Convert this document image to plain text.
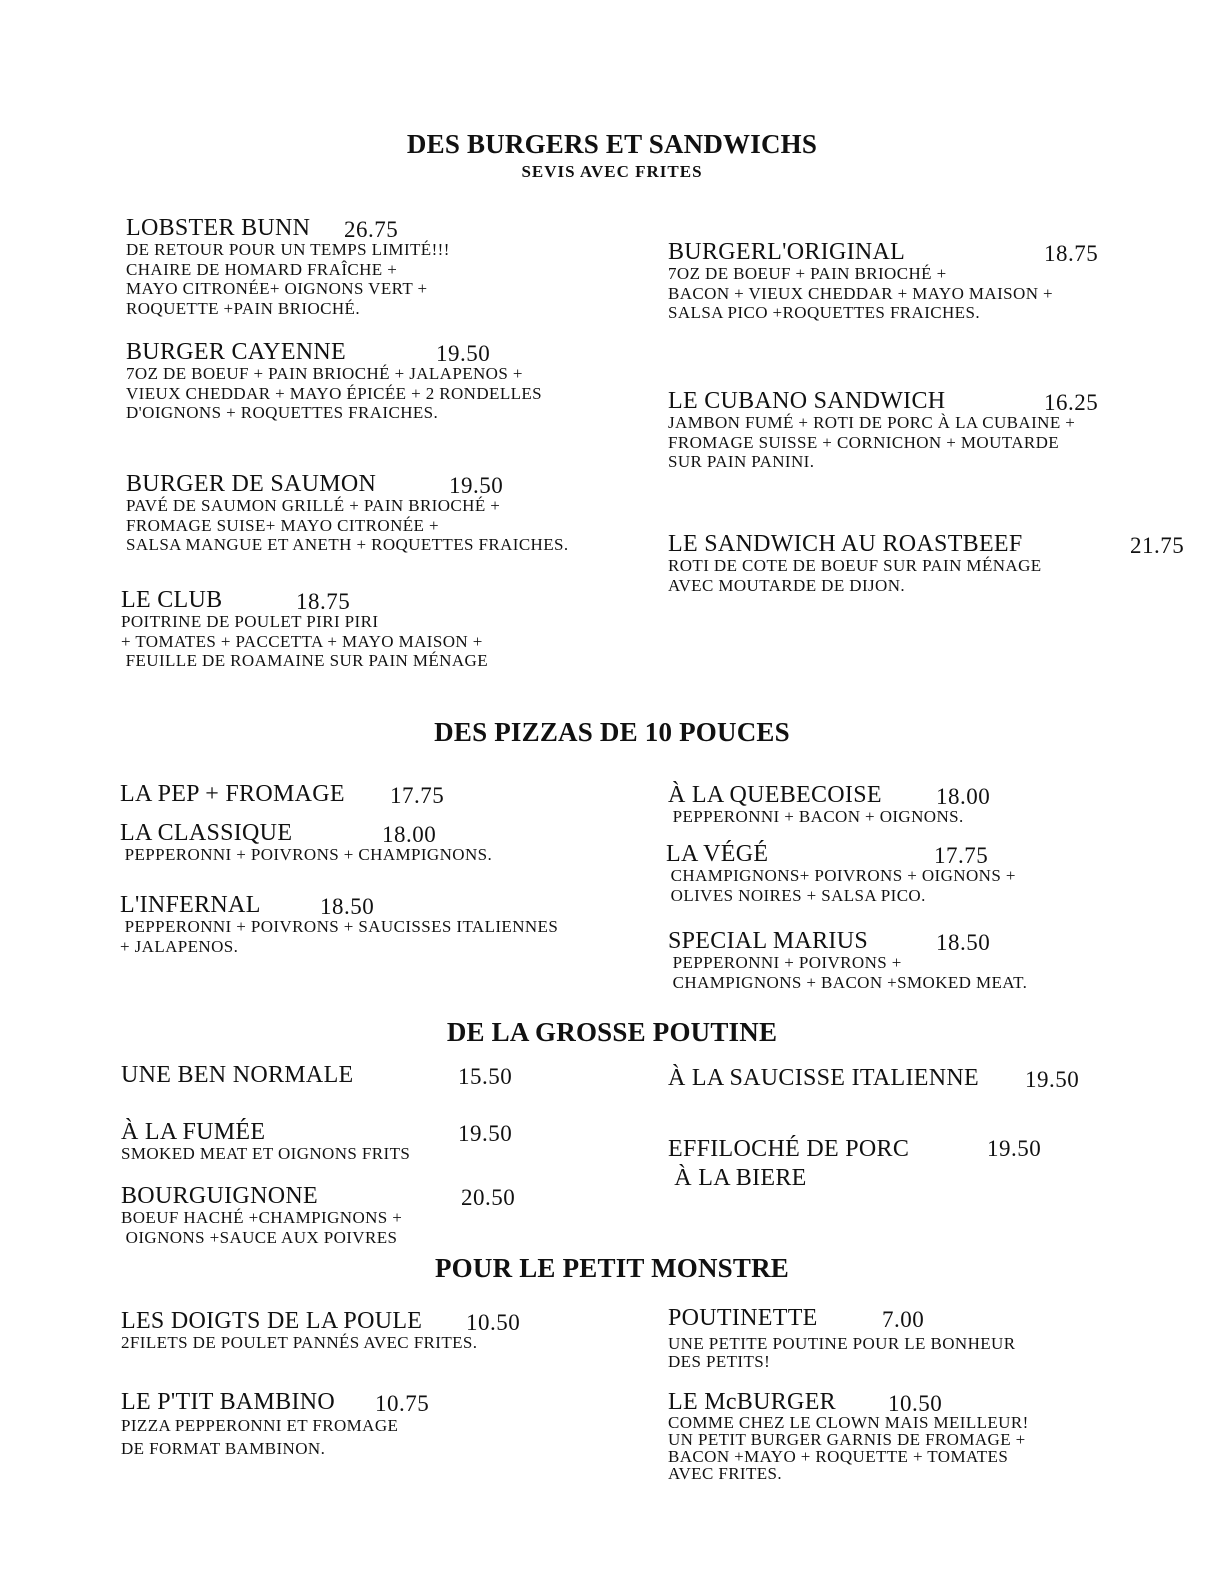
DES BURGERS ET SANDWICHS
SEVIS AVEC FRITES
LOBSTER BUNN	26.75
DE RETOUR POUR UN TEMPS LIMITÉ!!!
CHAIRE DE HOMARD FRAÎCHE +
MAYO CITRONÉE+ OIGNONS VERT +
ROQUETTE +PAIN BRIOCHÉ.
BURGER CAYENNE	19.50
7OZ DE BOEUF + PAIN BRIOCHÉ + JALAPENOS +
VIEUX CHEDDAR + MAYO ÉPICÉE + 2 RONDELLES
D'OIGNONS + ROQUETTES FRAICHES.
BURGER DE SAUMON	19.50
PAVÉ DE SAUMON GRILLÉ + PAIN BRIOCHÉ +
FROMAGE SUISE+ MAYO CITRONÉE +
SALSA MANGUE ET ANETH + ROQUETTES FRAICHES.
LE CLUB	18.75
POITRINE DE POULET PIRI PIRI
+ TOMATES + PACCETTA + MAYO MAISON +
FEUILLE DE ROAMAINE SUR PAIN MÉNAGE
BURGERL'ORIGINAL	18.75
7OZ DE BOEUF + PAIN BRIOCHÉ +
BACON + VIEUX CHEDDAR + MAYO MAISON +
SALSA PICO +ROQUETTES FRAICHES.
LE CUBANO SANDWICH	16.25
JAMBON FUMÉ + ROTI DE PORC À LA CUBAINE +
FROMAGE SUISSE + CORNICHON + MOUTARDE
SUR PAIN PANINI.
LE SANDWICH AU ROASTBEEF	21.75
ROTI DE COTE DE BOEUF SUR PAIN MÉNAGE
AVEC MOUTARDE DE DIJON.
DES PIZZAS DE 10 POUCES
LA PEP + FROMAGE 17.75
LA CLASSIQUE	18.00
PEPPERONNI + POIVRONS + CHAMPIGNONS.
L'INFERNAL	18.50
PEPPERONNI + POIVRONS + SAUCISSES ITALIENNES
+ JALAPENOS.
À LA QUEBECOISE	18.00
PEPPERONNI + BACON + OIGNONS.
LA VÉGÉ	17.75
CHAMPIGNONS+ POIVRONS + OIGNONS +
OLIVES NOIRES + SALSA PICO.
SPECIAL MARIUS	18.50
PEPPERONNI + POIVRONS +
CHAMPIGNONS + BACON +SMOKED MEAT.
DE LA GROSSE POUTINE
UNE BEN NORMALE	15.50
À LA FUMÉE	19.50
SMOKED MEAT ET OIGNONS FRITS
BOURGUIGNONE	20.50
BOEUF HACHÉ +CHAMPIGNONS +
OIGNONS +SAUCE AUX POIVRES
À LA SAUCISSE ITALIENNE 19.50
EFFILOCHÉ DE PORC
À LA BIERE
19.50
POUR LE PETIT MONSTRE
LES DOIGTS DE LA POULE	10.50
2FILETS DE POULET PANNÉS AVEC FRITES.
LE P'TIT BAMBINO	10.75
PIZZA PEPPERONNI ET FROMAGE
DE FORMAT BAMBINON.
POUTINETTE	7.00
UNE PETITE POUTINE POUR LE BONHEUR
DES PETITS!
LE McBURGER	10.50
COMME CHEZ LE CLOWN MAIS MEILLEUR!
UN PETIT BURGER GARNIS DE FROMAGE +
BACON +MAYO + ROQUETTE + TOMATES
AVEC FRITES.
